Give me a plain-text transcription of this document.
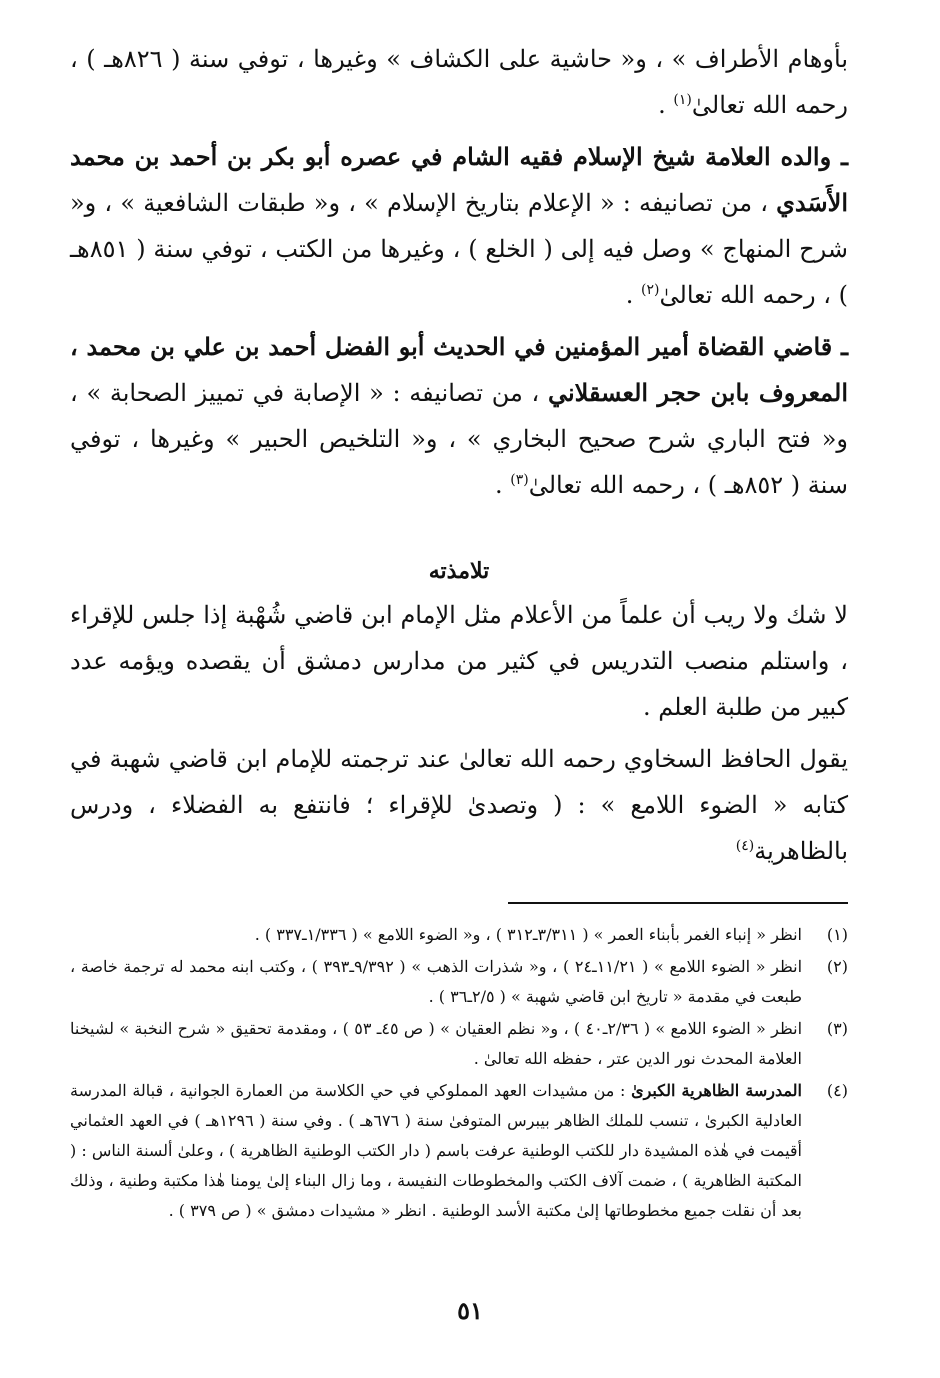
بأوهام الأطراف » ، و« حاشية على الكشاف » وغيرها ، توفي سنة ( ٨٢٦هـ ) ، رحمه الله تعالىٰ$^{(١)}$ .

ـ والده العلامة شيخ الإسلام فقيه الشام في عصره أبو بكر بن أحمد بن محمد الأَسَدي ، من تصانيفه : « الإعلام بتاريخ الإسلام » ، و« طبقات الشافعية » ، و« شرح المنهاج » وصل فيه إلى ( الخلع ) ، وغيرها من الكتب ، توفي سنة ( ٨٥١هـ ) ، رحمه الله تعالىٰ$^{(٢)}$ .

ـ قاضي القضاة أمير المؤمنين في الحديث أبو الفضل أحمد بن علي بن محمد ، المعروف بابن حجر العسقلاني ، من تصانيفه : « الإصابة في تمييز الصحابة » ، و« فتح الباري شرح صحيح البخاري » ، و« التلخيص الحبير » وغيرها ، توفي سنة ( ٨٥٢هـ ) ، رحمه الله تعالىٰ$^{(٣)}$ .

تلامذته

لا شك ولا ريب أن علماً من الأعلام مثل الإمام ابن قاضي شُهْبة إذا جلس للإقراء ، واستلم منصب التدريس في كثير من مدارس دمشق أن يقصده ويؤمه عدد كبير من طلبة العلم .

يقول الحافظ السخاوي رحمه الله تعالىٰ عند ترجمته للإمام ابن قاضي شهبة في كتابه « الضوء اللامع » : ( وتصدىٰ للإقراء ؛ فانتفع به الفضلاء ، ودرس بالظاهرية$^{(٤)}$

(١)
انظر « إنباء الغمر بأبناء العمر » ( ٣/٣١١ـ٣١٢ ) ، و« الضوء اللامع » ( ١/٣٣٦ـ٣٣٧ ) .
(٢)
انظر « الضوء اللامع » ( ١١/٢١ـ٢٤ ) ، و« شذرات الذهب » ( ٩/٣٩٢ـ٣٩٣ ) ، وكتب ابنه محمد له ترجمة خاصة ، طبعت في مقدمة « تاريخ ابن قاضي شهبة » ( ٢/٥ـ٣٦ ) .
(٣)
انظر « الضوء اللامع » ( ٢/٣٦ـ٤٠ ) ، و« نظم العقيان » ( ص ٤٥ـ ٥٣ ) ، ومقدمة تحقيق « شرح النخبة » لشيخنا العلامة المحدث نور الدين عتر ، حفظه الله تعالىٰ .
(٤)
المدرسة الظاهرية الكبرىٰ : من مشيدات العهد المملوكي في حي الكلاسة من العمارة الجوانية ، قبالة المدرسة العادلية الكبرىٰ ، تنسب للملك الظاهر بيبرس المتوفىٰ سنة ( ٦٧٦هـ ) . وفي سنة ( ١٢٩٦هـ ) في العهد العثماني أقيمت في هٰذه المشيدة دار للكتب الوطنية عرفت باسم ( دار الكتب الوطنية الظاهرية ) ، وعلىٰ ألسنة الناس : ( المكتبة الظاهرية ) ، ضمت آلاف الكتب والمخطوطات النفيسة ، وما زال البناء إلىٰ يومنا هٰذا مكتبة وطنية ، وذلك بعد أن نقلت جميع مخطوطاتها إلىٰ مكتبة الأسد الوطنية . انظر « مشيدات دمشق » ( ص ٣٧٩ ) .
٥١
